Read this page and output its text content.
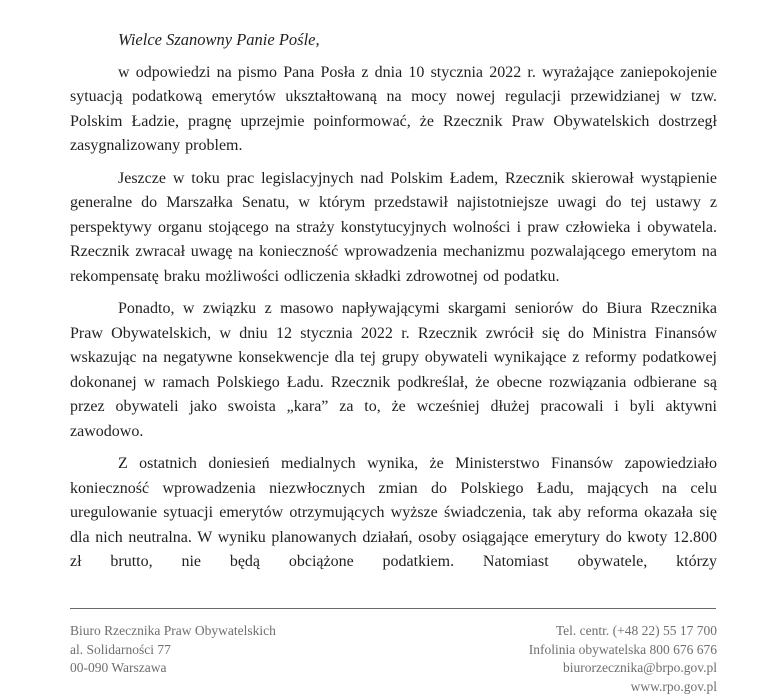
Wielce Szanowny Panie Pośle,

w odpowiedzi na pismo Pana Posła z dnia 10 stycznia 2022 r. wyrażające zaniepokojenie sytuacją podatkową emerytów ukształtowaną na mocy nowej regulacji przewidzianej w tzw. Polskim Ładzie, pragnę uprzejmie poinformować, że Rzecznik Praw Obywatelskich dostrzegł zasygnalizowany problem.

Jeszcze w toku prac legislacyjnych nad Polskim Ładem, Rzecznik skierował wystąpienie generalne do Marszałka Senatu, w którym przedstawił najistotniejsze uwagi do tej ustawy z perspektywy organu stojącego na straży konstytucyjnych wolności i praw człowieka i obywatela. Rzecznik zwracał uwagę na konieczność wprowadzenia mechanizmu pozwalającego emerytom na rekompensatę braku możliwości odliczenia składki zdrowotnej od podatku.

Ponadto, w związku z masowo napływającymi skargami seniorów do Biura Rzecznika Praw Obywatelskich, w dniu 12 stycznia 2022 r. Rzecznik zwrócił się do Ministra Finansów wskazując na negatywne konsekwencje dla tej grupy obywateli wynikające z reformy podatkowej dokonanej w ramach Polskiego Ładu. Rzecznik podkreślał, że obecne rozwiązania odbierane są przez obywateli jako swoista „kara” za to, że wcześniej dłużej pracowali i byli aktywni zawodowo.

Z ostatnich doniesień medialnych wynika, że Ministerstwo Finansów zapowiedziało konieczność wprowadzenia niezwłocznych zmian do Polskiego Ładu, mających na celu uregulowanie sytuacji emerytów otrzymujących wyższe świadczenia, tak aby reforma okazała się dla nich neutralna. W wyniku planowanych działań, osoby osiągające emerytury do kwoty 12.800 zł brutto, nie będą obciążone podatkiem. Natomiast obywatele, którzy

Biuro Rzecznika Praw Obywatelskich
al. Solidarności 77
00-090 Warszawa
Tel. centr. (+48 22) 55 17 700
Infolinia obywatelska 800 676 676
biurorzecznika@brpo.gov.pl
www.rpo.gov.pl
